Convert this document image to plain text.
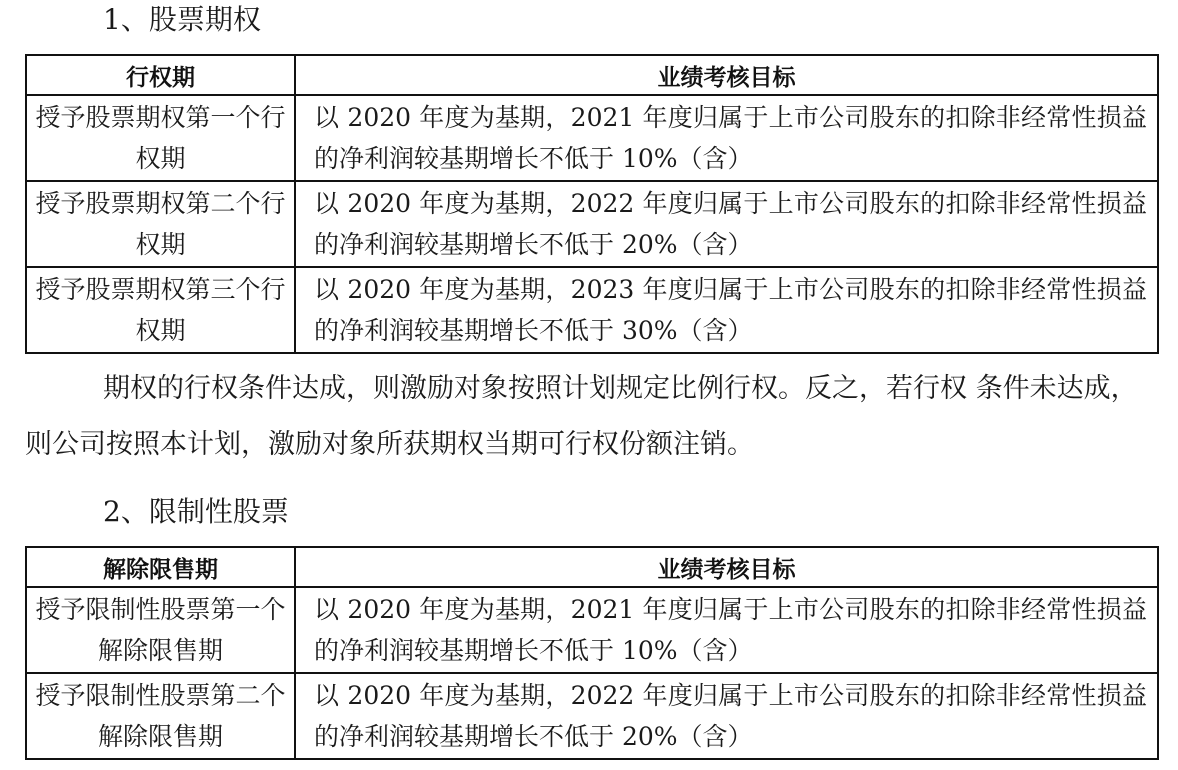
1、股票期权
行权期	业绩考核目标
授予股票期权第一个行权期	以 2020 年度为基期，2021 年度归属于上市公司股东的扣除非经常性损益的净利润较基期增长不低于 10%（含）
授予股票期权第二个行权期	以 2020 年度为基期，2022 年度归属于上市公司股东的扣除非经常性损益的净利润较基期增长不低于 20%（含）
授予股票期权第三个行权期	以 2020 年度为基期，2023 年度归属于上市公司股东的扣除非经常性损益的净利润较基期增长不低于 30%（含）
期权的行权条件达成，则激励对象按照计划规定比例行权。反之，若行权 条件未达成，则公司按照本计划，激励对象所获期权当期可行权份额注销。
2、限制性股票
解除限售期	业绩考核目标
授予限制性股票第一个解除限售期	以 2020 年度为基期，2021 年度归属于上市公司股东的扣除非经常性损益的净利润较基期增长不低于 10%（含）
授予限制性股票第二个解除限售期	以 2020 年度为基期，2022 年度归属于上市公司股东的扣除非经常性损益的净利润较基期增长不低于 20%（含）
